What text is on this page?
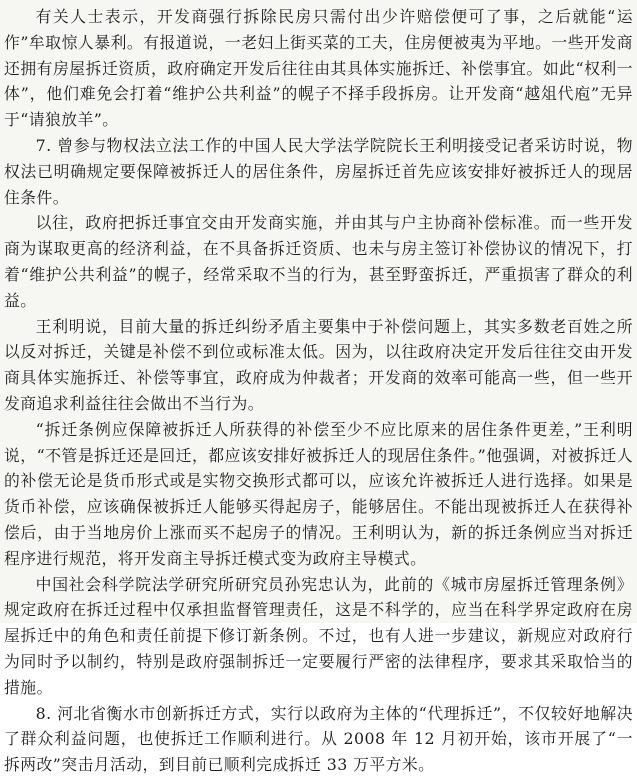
有关人士表示，开发商强行拆除民房只需付出少许赔偿便可了事，之后就能“运作”牟取惊人暴利。有报道说，一老妇上街买菜的工夫，住房便被夷为平地。一些开发商还拥有房屋拆迁资质，政府确定开发后往往由其具体实施拆迁、补偿事宜。如此“权利一体”，他们难免会打着“维护公共利益”的幌子不择手段拆房。让开发商“越俎代庖”无异于“请狼放羊”。

7. 曾参与物权法立法工作的中国人民大学法学院院长王利明接受记者采访时说，物权法已明确规定要保障被拆迁人的居住条件，房屋拆迁首先应该安排好被拆迁人的现居住条件。

以往，政府把拆迁事宜交由开发商实施，并由其与户主协商补偿标准。而一些开发商为谋取更高的经济利益，在不具备拆迁资质、也未与房主签订补偿协议的情况下，打着“维护公共利益”的幌子，经常采取不当的行为，甚至野蛮拆迁，严重损害了群众的利益。

王利明说，目前大量的拆迁纠纷矛盾主要集中于补偿问题上，其实多数老百姓之所以反对拆迁，关键是补偿不到位或标准太低。因为，以往政府决定开发后往往交由开发商具体实施拆迁、补偿等事宜，政府成为仲裁者；开发商的效率可能高一些，但一些开发商追求利益往往会做出不当行为。

“拆迁条例应保障被拆迁人所获得的补偿至少不应比原来的居住条件更差，”王利明说，“不管是拆迁还是回迁，都应该安排好被拆迁人的现居住条件。”他强调，对被拆迁人的补偿无论是货币形式或是实物交换形式都可以，应该允许被拆迁人进行选择。如果是货币补偿，应该确保被拆迁人能够买得起房子，能够居住。不能出现被拆迁人在获得补偿后，由于当地房价上涨而买不起房子的情况。王利明认为，新的拆迁条例应当对拆迁程序进行规范，将开发商主导拆迁模式变为政府主导模式。

中国社会科学院法学研究所研究员孙宪忠认为，此前的《城市房屋拆迁管理条例》规定政府在拆迁过程中仅承担监督管理责任，这是不科学的，应当在科学界定政府在房屋拆迁中的角色和责任前提下修订新条例。不过，也有人进一步建议，新规应对政府行为同时予以制约，特别是政府强制拆迁一定要履行严密的法律程序，要求其采取恰当的措施。

8. 河北省衡水市创新拆迁方式，实行以政府为主体的“代理拆迁”，不仅较好地解决了群众利益问题，也使拆迁工作顺利进行。从 2008 年 12 月初开始，该市开展了“一拆两改”突击月活动，到目前已顺利完成拆迁 33 万平方米。
